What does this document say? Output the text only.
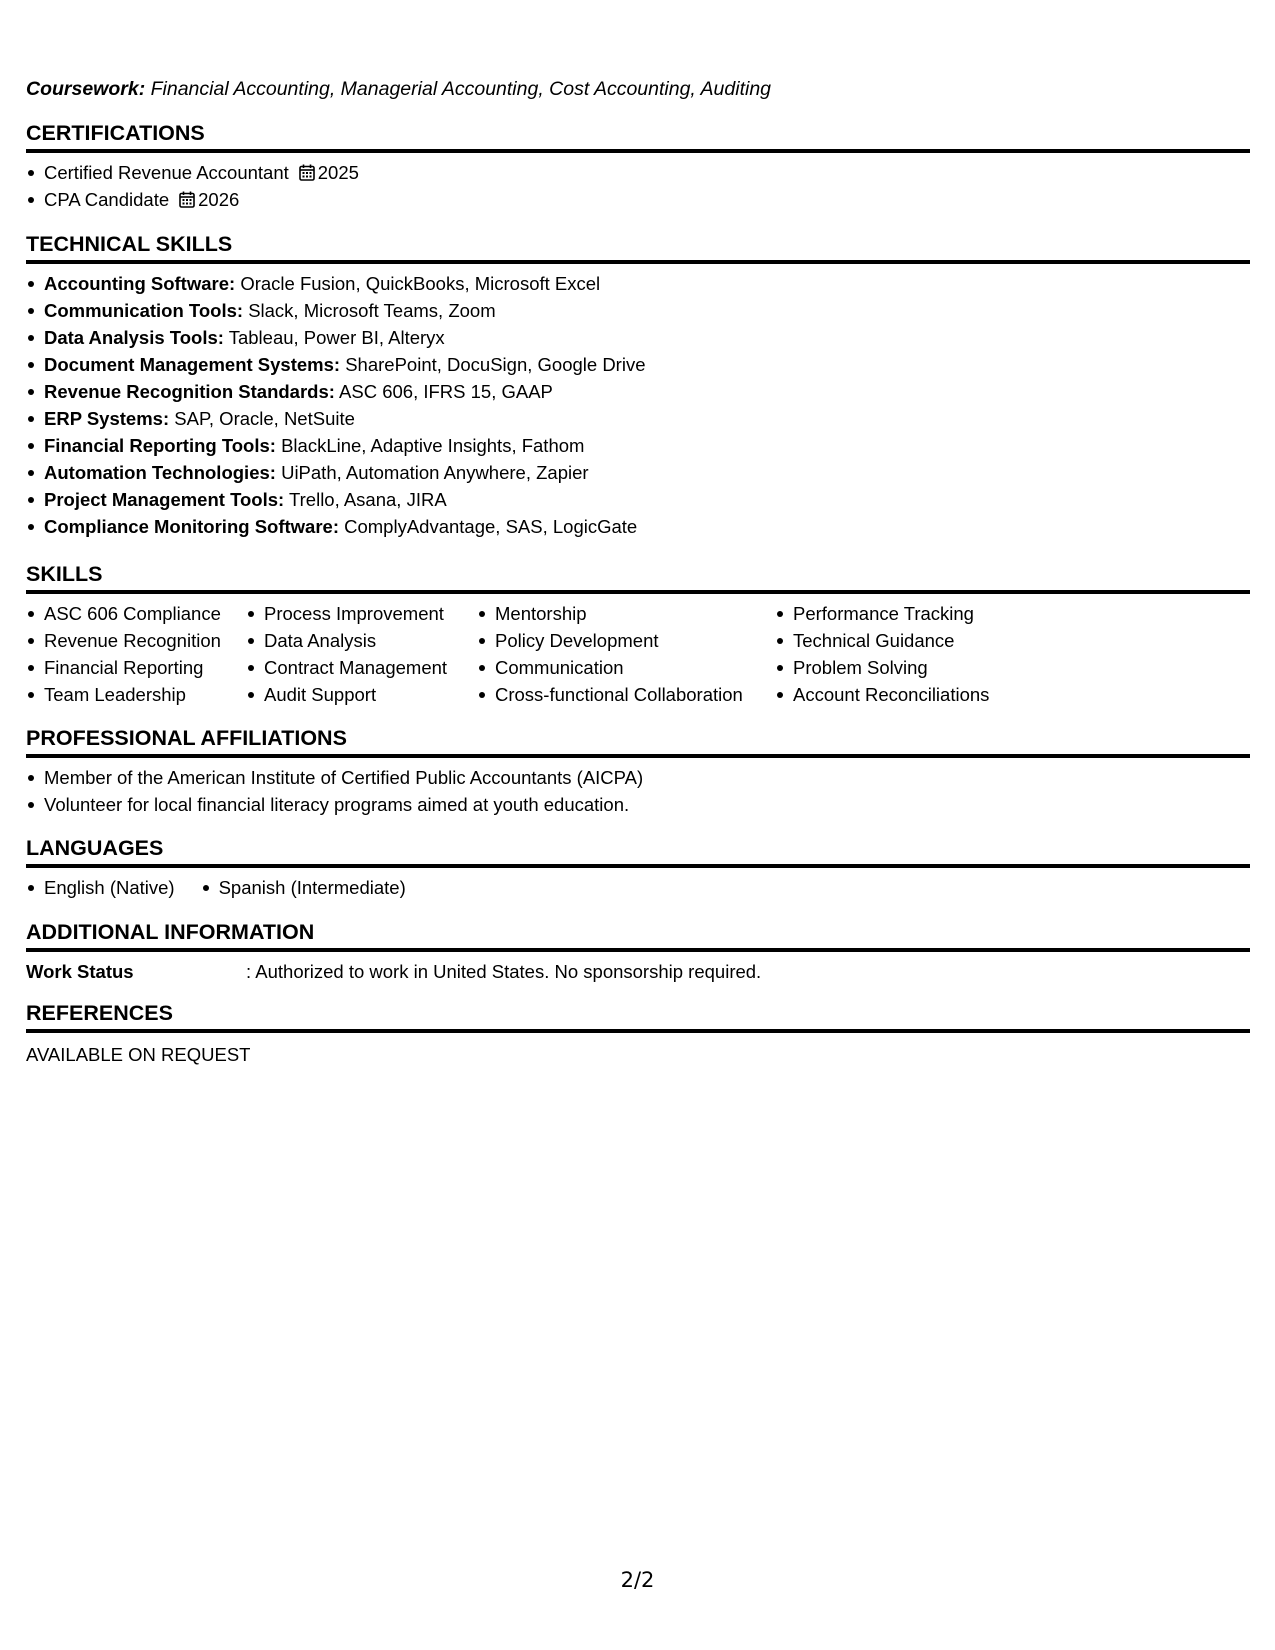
Coursework: Financial Accounting, Managerial Accounting, Cost Accounting, Auditing
CERTIFICATIONS
Certified Revenue Accountant 2025
CPA Candidate 2026
TECHNICAL SKILLS
Accounting Software: Oracle Fusion, QuickBooks, Microsoft Excel
Communication Tools: Slack, Microsoft Teams, Zoom
Data Analysis Tools: Tableau, Power BI, Alteryx
Document Management Systems: SharePoint, DocuSign, Google Drive
Revenue Recognition Standards: ASC 606, IFRS 15, GAAP
ERP Systems: SAP, Oracle, NetSuite
Financial Reporting Tools: BlackLine, Adaptive Insights, Fathom
Automation Technologies: UiPath, Automation Anywhere, Zapier
Project Management Tools: Trello, Asana, JIRA
Compliance Monitoring Software: ComplyAdvantage, SAS, LogicGate
SKILLS
ASC 606 Compliance
Revenue Recognition
Financial Reporting
Team Leadership
Process Improvement
Data Analysis
Contract Management
Audit Support
Mentorship
Policy Development
Communication
Cross-functional Collaboration
Performance Tracking
Technical Guidance
Problem Solving
Account Reconciliations
PROFESSIONAL AFFILIATIONS
Member of the American Institute of Certified Public Accountants (AICPA)
Volunteer for local financial literacy programs aimed at youth education.
LANGUAGES
English (Native)	Spanish (Intermediate)
ADDITIONAL INFORMATION
Work Status	: Authorized to work in United States. No sponsorship required.
REFERENCES
AVAILABLE ON REQUEST
2/2
